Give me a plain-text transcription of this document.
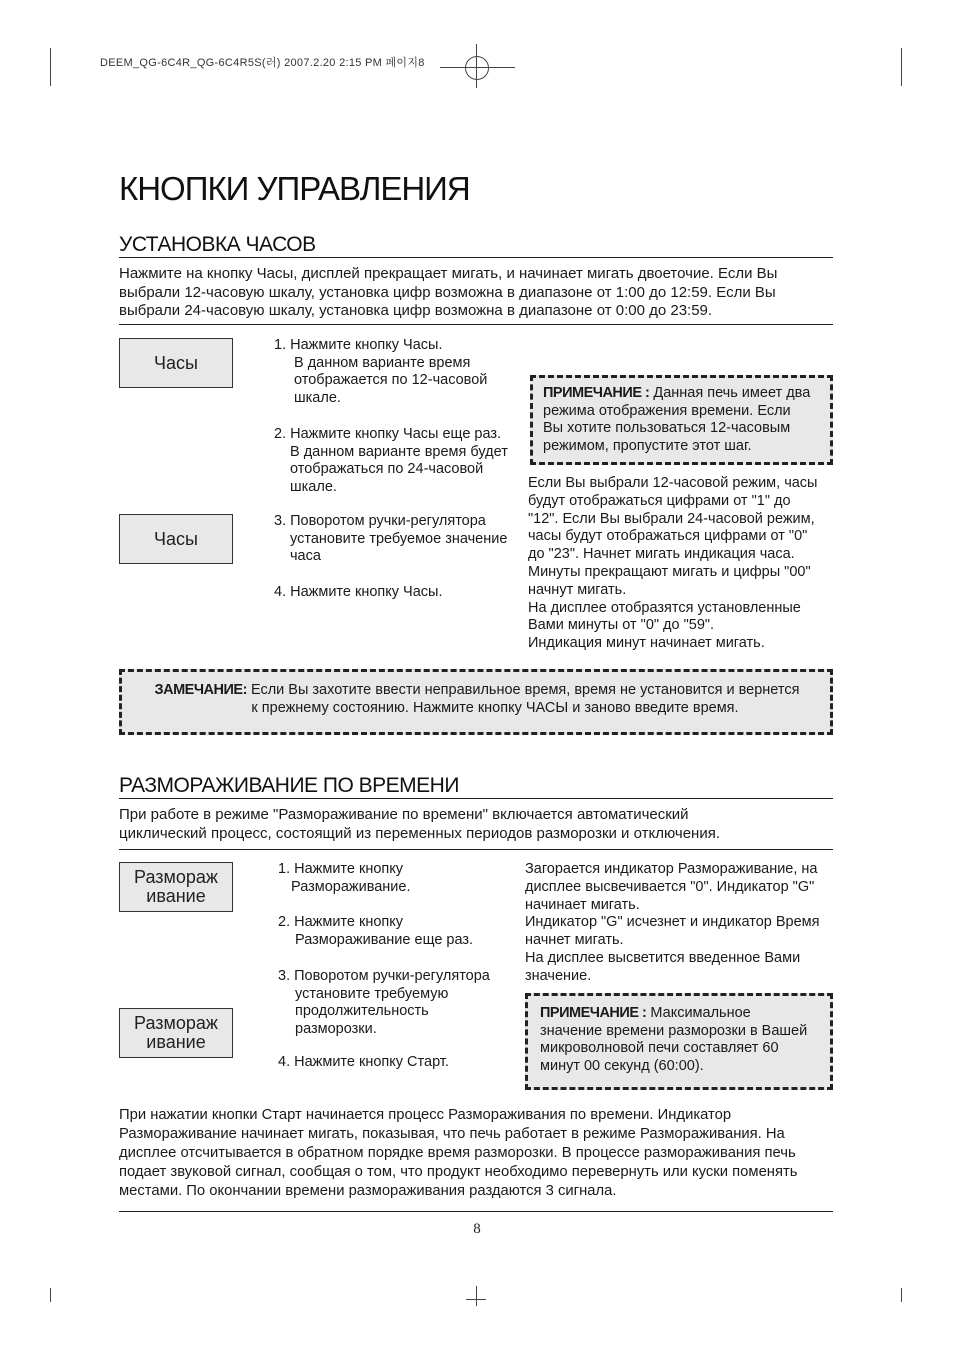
DEEM_QG-6C4R_QG-6C4R5S(러) 2007.2.20 2:15 PM 페이지8
КНОПКИ УПРАВЛЕНИЯ
УСТАНОВКА ЧАСОВ
Нажмите на кнопку Часы, дисплей прекращает мигать, и начинает мигать двоеточие. Если Вы
выбрали 12-часовую шкалу, установка цифр возможна в диапазоне от 1:00 до 12:59. Если Вы
выбрали 24-часовую шкалу, установка цифр возможна в диапазоне от 0:00 до 23:59.
Часы
Часы
1. Нажмите кнопку Часы.
В данном варианте время
отображается по 12-часовой
шкале.
2. Нажмите кнопку Часы еще раз.
В данном варианте время будет
отображаться по 24-часовой
шкале.
3. Поворотом ручки-регулятора
установите требуемое значение
часа
4. Нажмите кнопку Часы.
ПРИМЕЧАНИЕ : Данная печь имеет два
режима отображения времени. Если
Вы хотите пользоваться 12-часовым
режимом, пропустите этот шаг.
Если Вы выбрали 12-часовой режим, часы
будут отображаться цифрами от "1" до
"12". Если Вы выбрали 24-часовой режим,
часы будут отображаться цифрами от "0"
до "23". Начнет мигать индикация часа.
Минуты прекращают мигать и цифры "00"
начнут мигать.
На дисплее отобразятся установленные
Вами минуты от "0" до "59".
Индикация минут начинает мигать.
ЗАМЕЧАНИЕ: Если Вы захотите ввести неправильное время, время не установится и вернется
к прежнему состоянию. Нажмите кнопку ЧАСЫ и заново введите время.
РАЗМОРАЖИВАНИЕ ПО ВРЕМЕНИ
При работе в режиме "Размораживание по времени" включается автоматический
циклический процесс, состоящий из переменных периодов разморозки и отключения.
Размораж
ивание
Размораж
ивание
1. Нажмите кнопку
Размораживание.
2. Нажмите кнопку
Размораживание еще раз.
3. Поворотом ручки-регулятора
установите требуемую
продолжительность
разморозки.
4. Нажмите кнопку Старт.
Загорается индикатор Размораживание, на
дисплее высвечивается "0". Индикатор "G"
начинает мигать.
Индикатор "G" исчезнет и индикатор Время
начнет мигать.
На дисплее высветится введенное Вами
значение.
ПРИМЕЧАНИЕ : Максимальное
значение времени разморозки в Вашей
микроволновой печи составляет 60
минут 00 секунд (60:00).
При нажатии кнопки Старт начинается процесс Размораживания по времени. Индикатор
Размораживание начинает мигать, показывая, что печь работает в режиме Размораживания. На
дисплее отсчитывается в обратном порядке время разморозки. В процессе размораживания печь
подает звуковой сигнал, сообщая о том, что продукт необходимо перевернуть или куски поменять
местами. По окончании времени размораживания раздаются 3 сигнала.
8
